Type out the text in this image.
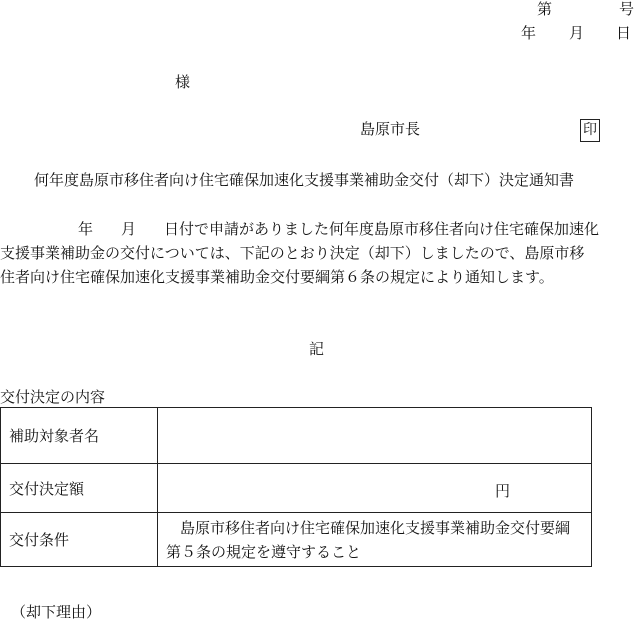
第	号
年 月 日
様
島原市長	印
何年度島原市移住者向け住宅確保加速化支援事業補助金交付（却下）決定通知書
年 月 日付で申請がありました何年度島原市移住者向け住宅確保加速化
支援事業補助金の交付については、下記のとおり決定（却下）しましたので、島原市移
住者向け住宅確保加速化支援事業補助金交付要綱第６条の規定により通知します。
記
交付決定の内容
補助対象者名	
交付決定額	円

交付条件	島原市移住者向け住宅確保加速化支援事業補助金交付要綱第５条の規定を遵守すること
（却下理由）
